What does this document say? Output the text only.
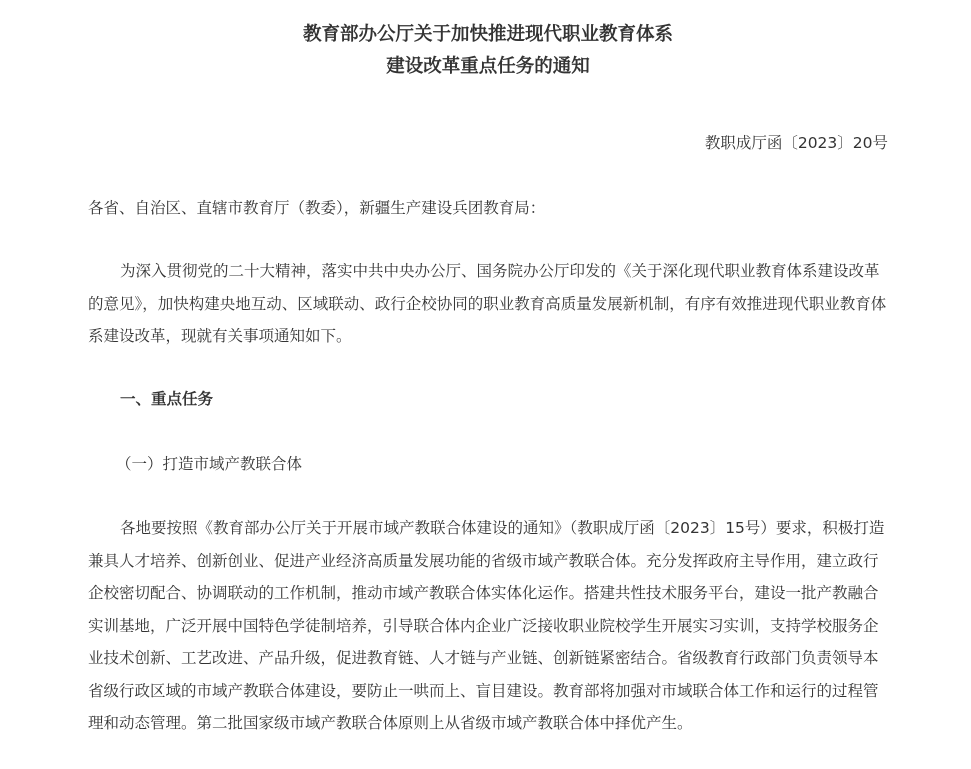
教育部办公厅关于加快推进现代职业教育体系
建设改革重点任务的通知
教职成厅函〔2023〕20号

各省、自治区、直辖市教育厅（教委），新疆生产建设兵团教育局：

为深入贯彻党的二十大精神，落实中共中央办公厅、国务院办公厅印发的《关于深化现代职业教育体系建设改革的意见》，加快构建央地互动、区域联动、政行企校协同的职业教育高质量发展新机制，有序有效推进现代职业教育体系建设改革，现就有关事项通知如下。

一、重点任务

（一）打造市域产教联合体

各地要按照《教育部办公厅关于开展市域产教联合体建设的通知》（教职成厅函〔2023〕15号）要求，积极打造兼具人才培养、创新创业、促进产业经济高质量发展功能的省级市域产教联合体。充分发挥政府主导作用，建立政行企校密切配合、协调联动的工作机制，推动市域产教联合体实体化运作。搭建共性技术服务平台，建设一批产教融合实训基地，广泛开展中国特色学徒制培养，引导联合体内企业广泛接收职业院校学生开展实习实训，支持学校服务企业技术创新、工艺改进、产品升级，促进教育链、人才链与产业链、创新链紧密结合。省级教育行政部门负责领导本省级行政区域的市域产教联合体建设，要防止一哄而上、盲目建设。教育部将加强对市域联合体工作和运行的过程管理和动态管理。第二批国家级市域产教联合体原则上从省级市域产教联合体中择优产生。
